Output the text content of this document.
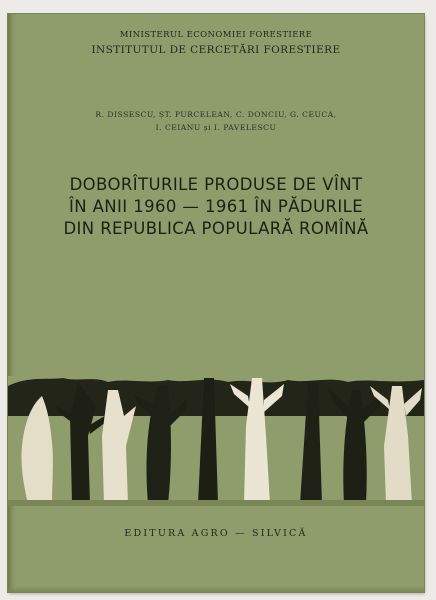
MINISTERUL ECONOMIEI FORESTIERE
INSTITUTUL DE CERCETĂRI FORESTIERE
R. DISSESCU, ȘT. PURCELEAN, C. DONCIU, G. CEUCA,
I. CEIANU și I. PAVELESCU
DOBORÎTURILE PRODUSE DE VÎNT
ÎN ANII 1960 — 1961 ÎN PĂDURILE
DIN REPUBLICA POPULARĂ ROMÎNĂ
EDITURA AGRO — SILVICĂ
